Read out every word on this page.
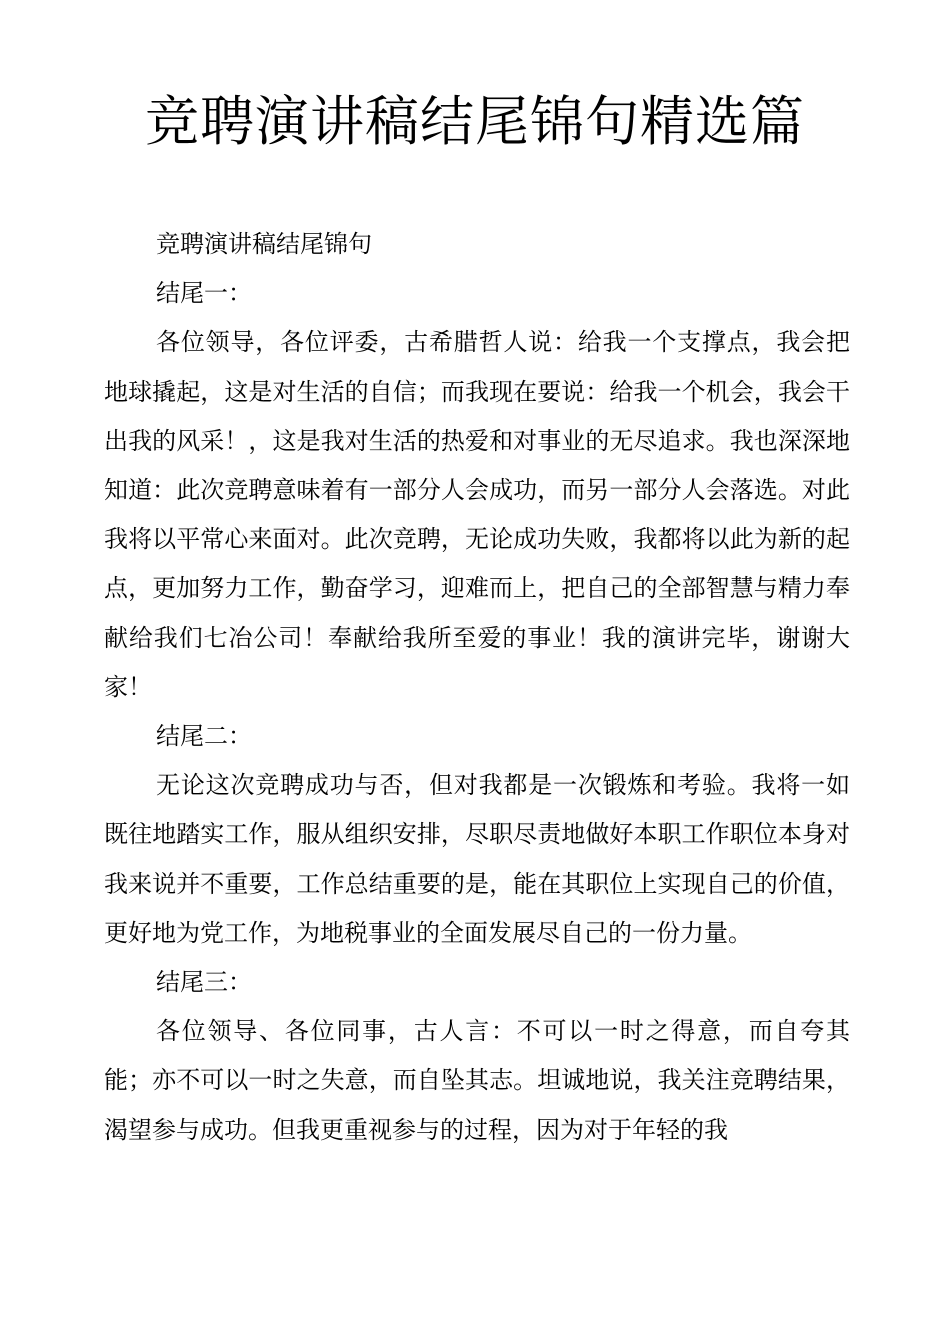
竞聘演讲稿结尾锦句精选篇

竞聘演讲稿结尾锦句

结尾一：

各位领导，各位评委，古希腊哲人说：给我一个支撑点，我会把地球撬起，这是对生活的自信；而我现在要说：给我一个机会，我会干出我的风采！，这是我对生活的热爱和对事业的无尽追求。我也深深地知道：此次竞聘意味着有一部分人会成功，而另一部分人会落选。对此我将以平常心来面对。此次竞聘，无论成功失败，我都将以此为新的起点，更加努力工作，勤奋学习，迎难而上，把自己的全部智慧与精力奉献给我们七冶公司！奉献给我所至爱的事业！我的演讲完毕，谢谢大家！

结尾二：

无论这次竞聘成功与否，但对我都是一次锻炼和考验。我将一如既往地踏实工作，服从组织安排，尽职尽责地做好本职工作职位本身对我来说并不重要，工作总结重要的是，能在其职位上实现自己的价值，更好地为党工作，为地税事业的全面发展尽自己的一份力量。

结尾三：

各位领导、各位同事，古人言：不可以一时之得意，而自夸其能；亦不可以一时之失意，而自坠其志。坦诚地说，我关注竞聘结果，渴望参与成功。但我更重视参与的过程，因为对于年轻的我
